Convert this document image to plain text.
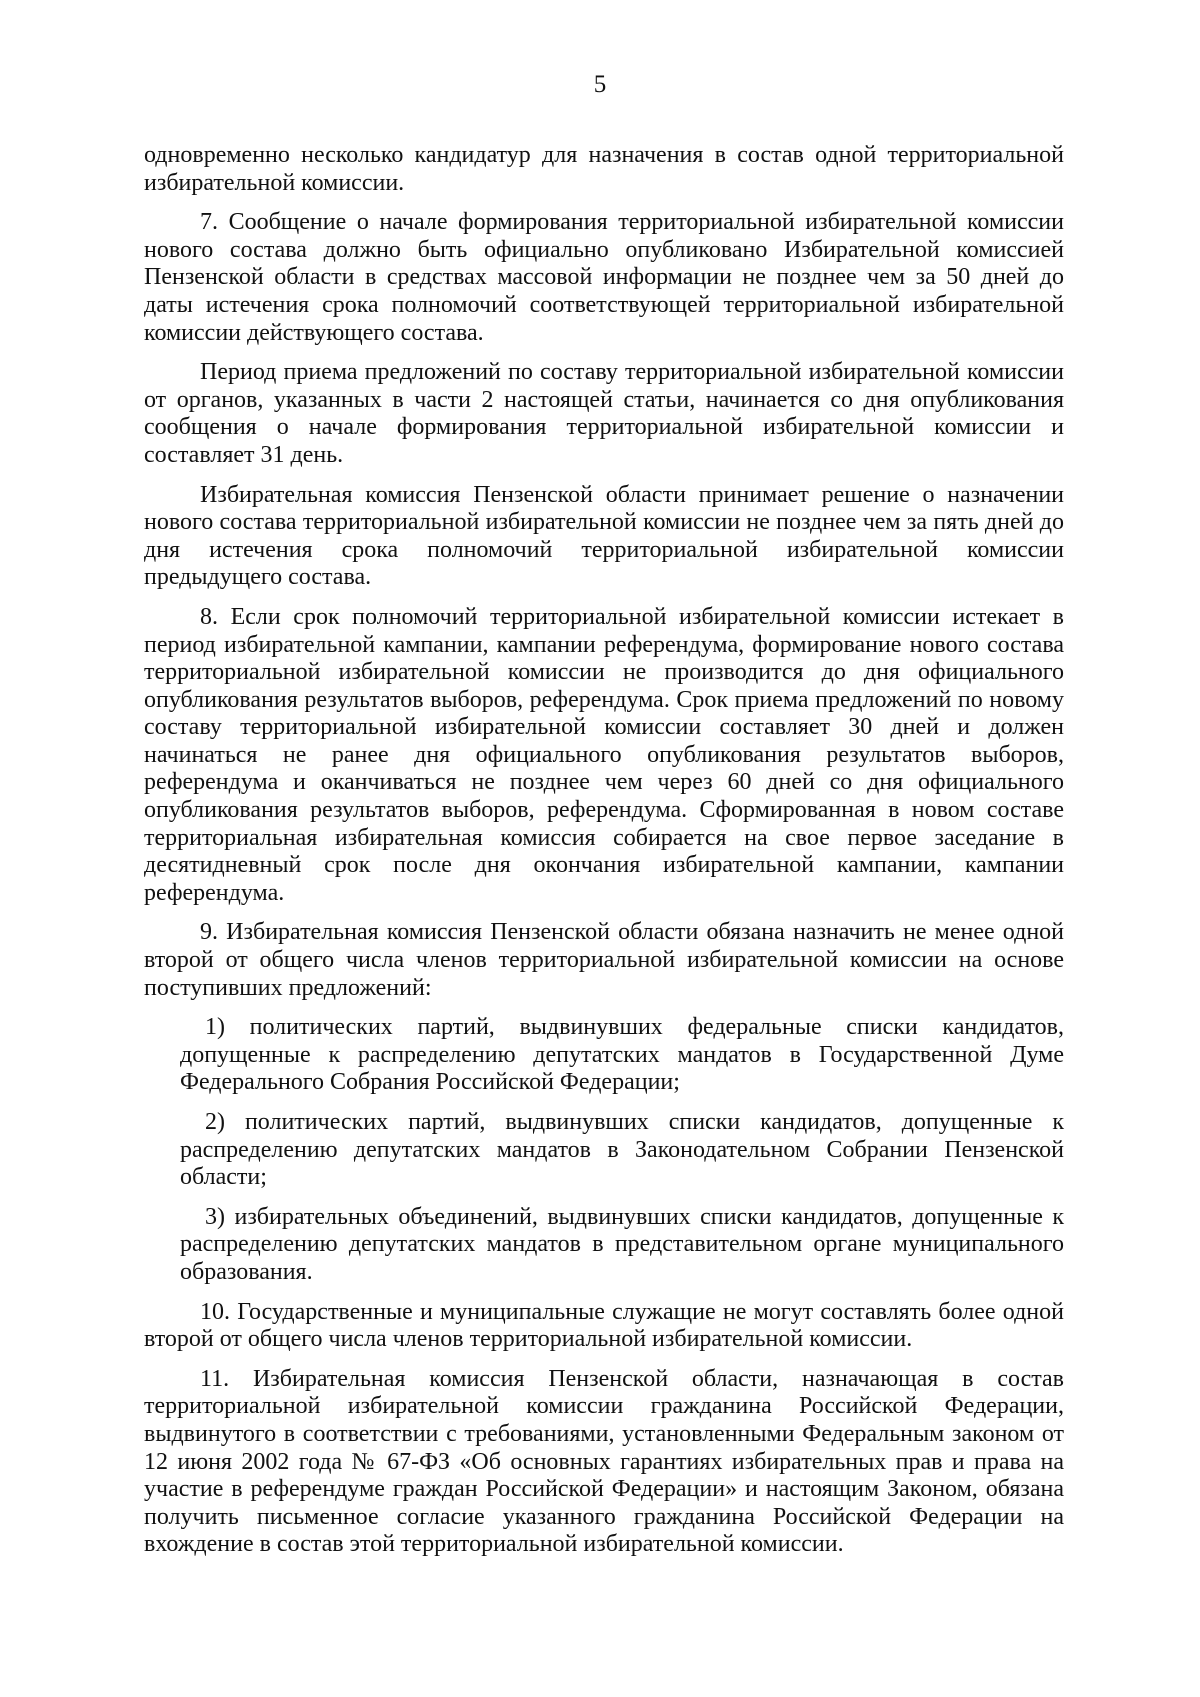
5

одновременно несколько кандидатур для назначения в состав одной территориальной избирательной комиссии.

7. Сообщение о начале формирования территориальной избирательной комиссии нового состава должно быть официально опубликовано Избирательной комиссией Пензенской области в средствах массовой информации не позднее чем за 50 дней до даты истечения срока полномочий соответствующей территориальной избирательной комиссии действующего состава.

Период приема предложений по составу территориальной избирательной комиссии от органов, указанных в части 2 настоящей статьи, начинается со дня опубликования сообщения о начале формирования территориальной избирательной комиссии и составляет 31 день.

Избирательная комиссия Пензенской области принимает решение о назначении нового состава территориальной избирательной комиссии не позднее чем за пять дней до дня истечения срока полномочий территориальной избирательной комиссии предыдущего состава.

8. Если срок полномочий территориальной избирательной комиссии истекает в период избирательной кампании, кампании референдума, формирование нового состава территориальной избирательной комиссии не производится до дня официального опубликования результатов выборов, референдума. Срок приема предложений по новому составу территориальной избирательной комиссии составляет 30 дней и должен начинаться не ранее дня официального опубликования результатов выборов, референдума и оканчиваться не позднее чем через 60 дней со дня официального опубликования результатов выборов, референдума. Сформированная в новом составе территориальная избирательная комиссия собирается на свое первое заседание в десятидневный срок после дня окончания избирательной кампании, кампании референдума.

9. Избирательная комиссия Пензенской области обязана назначить не менее одной второй от общего числа членов территориальной избирательной комиссии на основе поступивших предложений:

1) политических партий, выдвинувших федеральные списки кандидатов, допущенные к распределению депутатских мандатов в Государственной Думе Федерального Собрания Российской Федерации;

2) политических партий, выдвинувших списки кандидатов, допущенные к распределению депутатских мандатов в Законодательном Собрании Пензенской области;

3) избирательных объединений, выдвинувших списки кандидатов, допущенные к распределению депутатских мандатов в представительном органе муниципального образования.

10. Государственные и муниципальные служащие не могут составлять более одной второй от общего числа членов территориальной избирательной комиссии.

11. Избирательная комиссия Пензенской области, назначающая в состав территориальной избирательной комиссии гражданина Российской Федерации, выдвинутого в соответствии с требованиями, установленными Федеральным законом от 12 июня 2002 года № 67-ФЗ «Об основных гарантиях избирательных прав и права на участие в референдуме граждан Российской Федерации» и настоящим Законом, обязана получить письменное согласие указанного гражданина Российской Федерации на вхождение в состав этой территориальной избирательной комиссии.
